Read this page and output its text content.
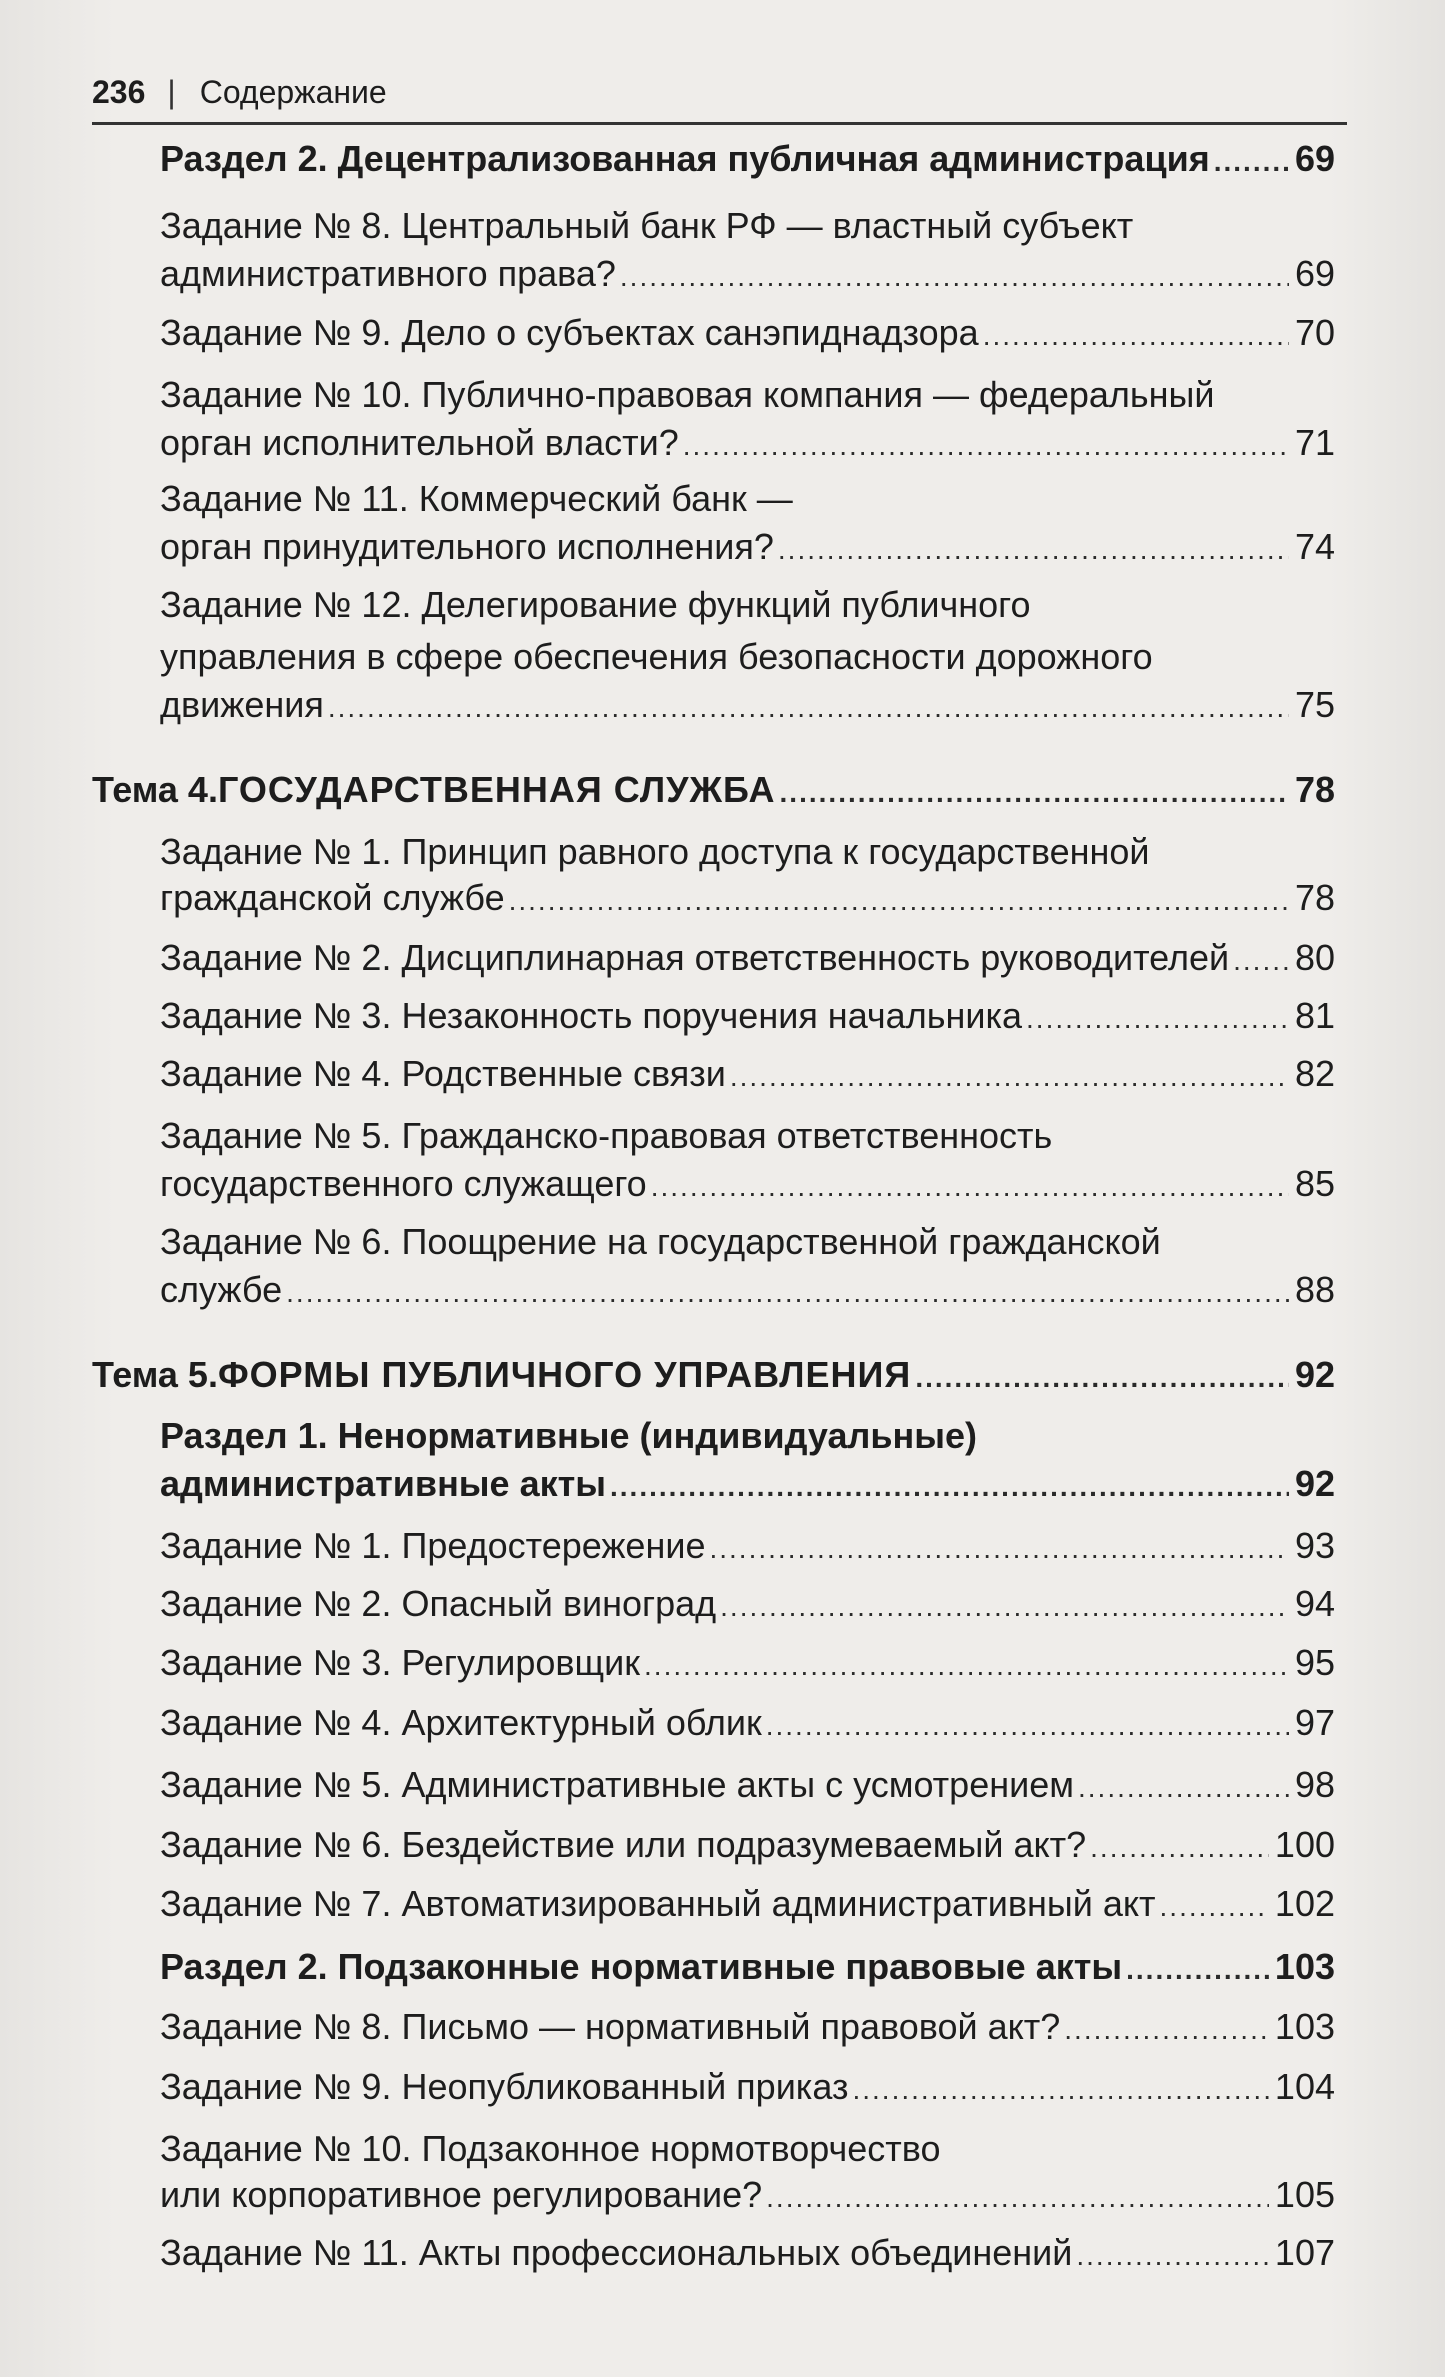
236 | Содержание
Раздел 2. Децентрализованная публичная администрация ..... 69
Задание № 8. Центральный банк РФ — властный субъект
административного права? .....	69
Задание № 9. Дело о субъектах санэпиднадзора .....	70
Задание № 10. Публично-правовая компания — федеральный
орган исполнительной власти? .....	71
Задание № 11. Коммерческий банк —
орган принудительного исполнения? .....	74
Задание № 12. Делегирование функций публичного
управления в сфере обеспечения безопасности дорожного
движения .....	75
Тема 4. ГОСУДАРСТВЕННАЯ СЛУЖБА .....	78
Задание № 1. Принцип равного доступа к государственной
гражданской службе .....	78
Задание № 2. Дисциплинарная ответственность руководителей ..... 80
Задание № 3. Незаконность поручения начальника .....	81
Задание № 4. Родственные связи .....	82
Задание № 5. Гражданско-правовая ответственность
государственного служащего .....	85
Задание № 6. Поощрение на государственной гражданской
службе .....	88
Тема 5. ФОРМЫ ПУБЛИЧНОГО УПРАВЛЕНИЯ .....	92
Раздел 1. Ненормативные (индивидуальные)
административные акты .....	92
Задание № 1. Предостережение .....	93
Задание № 2. Опасный виноград .....	94
Задание № 3. Регулировщик .....	95
Задание № 4. Архитектурный облик .....	97
Задание № 5. Административные акты с усмотрением .....	98
Задание № 6. Бездействие или подразумеваемый акт? .....	100
Задание № 7. Автоматизированный административный акт .....	102
Раздел 2. Подзаконные нормативные правовые акты .....	103
Задание № 8. Письмо — нормативный правовой акт? .....	103
Задание № 9. Неопубликованный приказ .....	104
Задание № 10. Подзаконное нормотворчество
или корпоративное регулирование? .....	105
Задание № 11. Акты профессиональных объединений .....	107
